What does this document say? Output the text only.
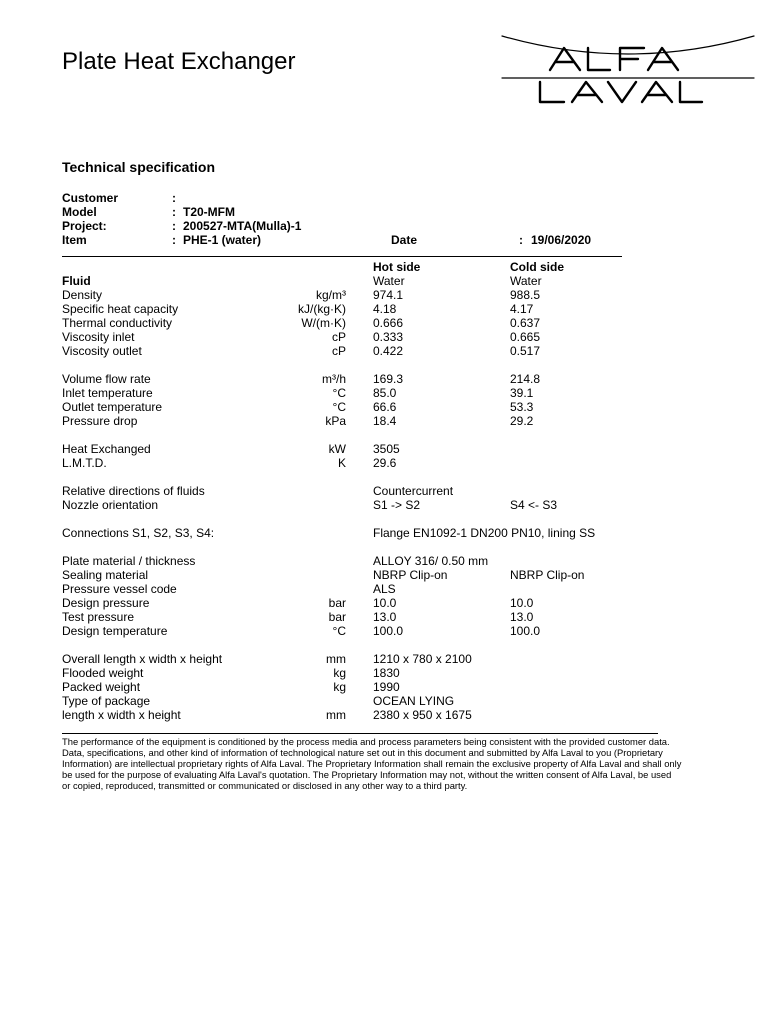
Plate Heat Exchanger
Technical specification
Customer	:
Model	: T20-MFM
Project:	: 200527-MTA(Mulla)-1
Item	: PHE-1 (water)	Date	: 19/06/2020
Hot side	Cold side
Fluid	Water	Water
Density	kg/m³ 974.1	988.5
Specific heat capacity	kJ/(kg·K) 4.18	4.17
Thermal conductivity	W/(m·K) 0.666	0.637
Viscosity inlet	cP 0.333	0.665
Viscosity outlet	cP 0.422	0.517
Volume flow rate	m³/h 169.3	214.8
Inlet temperature	°C 85.0	39.1
Outlet temperature	°C 66.6	53.3
Pressure drop	kPa 18.4	29.2
Heat Exchanged	kW 3505
L.M.T.D.	K 29.6
Relative directions of fluids	Countercurrent
Nozzle orientation	S1 -> S2	S4 <- S3
Connections S1, S2, S3, S4:	Flange EN1092-1 DN200 PN10, lining SS
Plate material / thickness	ALLOY 316/ 0.50 mm
Sealing material	NBRP Clip-on	NBRP Clip-on
Pressure vessel code	ALS
Design pressure	bar 10.0	10.0
Test pressure	bar 13.0	13.0
Design temperature	°C 100.0	100.0
Overall length x width x height	mm 1210 x 780 x 2100
Flooded weight	kg 1830
Packed weight	kg 1990
Type of package	OCEAN LYING
length x width x height	mm 2380 x 950 x 1675

The performance of the equipment is conditioned by the process media and process parameters being consistent with the provided customer data.

Data, specifications, and other kind of information of technological nature set out in this document and submitted by Alfa Laval to you (Proprietary Information) are intellectual proprietary rights of Alfa Laval. The Proprietary Information shall remain the exclusive property of Alfa Laval and shall only be used for the purpose of evaluating Alfa Laval's quotation. The Proprietary Information may not, without the written consent of Alfa Laval, be used or copied, reproduced, transmitted or communicated or disclosed in any other way to a third party.
